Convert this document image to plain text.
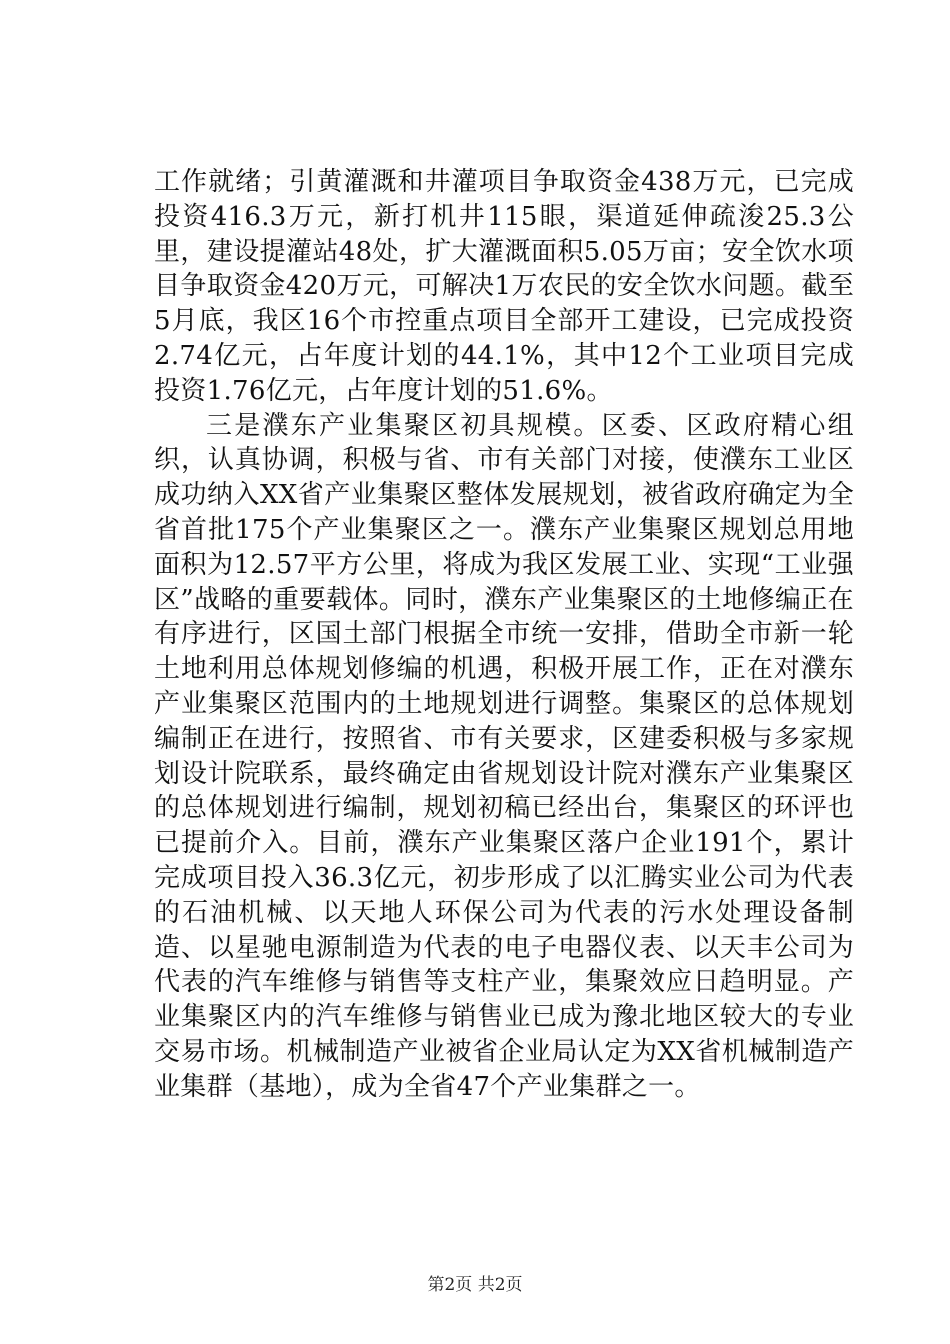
工作就绪；引黄灌溉和井灌项目争取资金438万元，已完成投资416.3万元，新打机井115眼，渠道延伸疏浚25.3公里，建设提灌站48处，扩大灌溉面积5.05万亩；安全饮水项目争取资金420万元，可解决1万农民的安全饮水问题。截至5月底，我区16个市控重点项目全部开工建设，已完成投资2.74亿元，占年度计划的44.1%，其中12个工业项目完成投资1.76亿元，占年度计划的51.6%。

三是濮东产业集聚区初具规模。区委、区政府精心组织，认真协调，积极与省、市有关部门对接，使濮东工业区成功纳入XX省产业集聚区整体发展规划，被省政府确定为全省首批175个产业集聚区之一。濮东产业集聚区规划总用地面积为12.57平方公里，将成为我区发展工业、实现“工业强区”战略的重要载体。同时，濮东产业集聚区的土地修编正在有序进行，区国土部门根据全市统一安排，借助全市新一轮土地利用总体规划修编的机遇，积极开展工作，正在对濮东产业集聚区范围内的土地规划进行调整。集聚区的总体规划编制正在进行，按照省、市有关要求，区建委积极与多家规划设计院联系，最终确定由省规划设计院对濮东产业集聚区的总体规划进行编制，规划初稿已经出台，集聚区的环评也已提前介入。目前，濮东产业集聚区落户企业191个，累计完成项目投入36.3亿元，初步形成了以汇腾实业公司为代表的石油机械、以天地人环保公司为代表的污水处理设备制造、以星驰电源制造为代表的电子电器仪表、以天丰公司为代表的汽车维修与销售等支柱产业，集聚效应日趋明显。产业集聚区内的汽车维修与销售业已成为豫北地区较大的专业交易市场。机械制造产业被省企业局认定为XX省机械制造产业集群（基地），成为全省47个产业集群之一。

第2页 共2页
